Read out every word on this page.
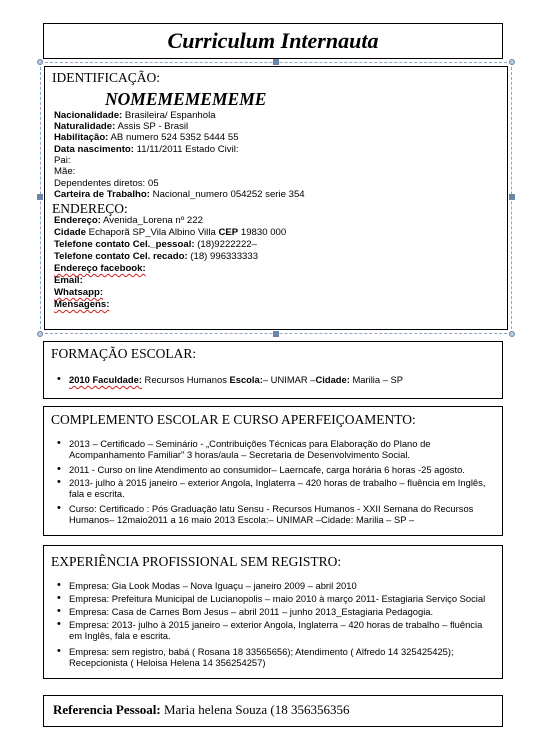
Curriculum Internauta
IDENTIFICAÇÃO:
NOMEMEMEMEME
Nacionalidade: Brasileira/ Espanhola
Naturalidade: Assis SP - Brasil
Habilitação: AB numero 524 5352 5444 55
Data nascimento: 11/11/2011 Estado Civil:
Pai:
Mãe:
Dependentes diretos: 05
Carteira de Trabalho: Nacional_numero 054252 serie 354
ENDEREÇO:
Endereço: Avenida_Lorena nº 222
Cidade Echaporã SP_Vila Albino Villa CEP 19830 000
Telefone contato Cel._pessoal: (18)9222222–
Telefone contato Cel. recado: (18) 996333333
Endereço facebook:
Email:
Whatsapp:
Mensagens:
FORMAÇÃO ESCOLAR:
• 2010 Faculdade: Recursos Humanos Escola:– UNIMAR –Cidade: Marilia – SP
COMPLEMENTO ESCOLAR E CURSO APERFEIÇOAMENTO:
• 2013 – Certificado – Seminário - „Contribuições Técnicas para Elaboração do Plano de
Acompanhamento Familiar" 3 horas/aula – Secretaria de Desenvolvimento Social.
• 2011 - Curso on line Atendimento ao consumidor– Laerncafe, carga horária 6 horas -25 agosto.
• 2013- julho à 2015 janeiro – exterior Angola, Inglaterra – 420 horas de trabalho – fluência em Inglês,
fala e escrita.
• Curso: Certificado : Pós Graduação latu Sensu - Recursos Humanos - XXII Semana do Recursos
Humanos– 12maio2011 a 16 maio 2013 Escola:– UNIMAR –Cidade: Marilia – SP –
EXPERIÊNCIA PROFISSIONAL SEM REGISTRO:
• Empresa: Gia Look Modas – Nova Iguaçu – janeiro 2009 – abril 2010
• Empresa: Prefeitura Municipal de Lucianopolis – maio 2010 à março 2011- Estagiaria Serviço Social
• Empresa: Casa de Carnes Bom Jesus – abril 2011 – junho 2013_Estagiaria Pedagogia.
• Empresa: 2013- julho à 2015 janeiro – exterior Angola, Inglaterra – 420 horas de trabalho – fluência
em Inglês, fala e escrita.
• Empresa: sem registro, babá ( Rosana 18 33565656); Atendimento ( Alfredo 14 325425425);
Recepcionista ( Heloisa Helena 14 356254257)
Referencia Pessoal: Maria helena Souza (18 356356356
